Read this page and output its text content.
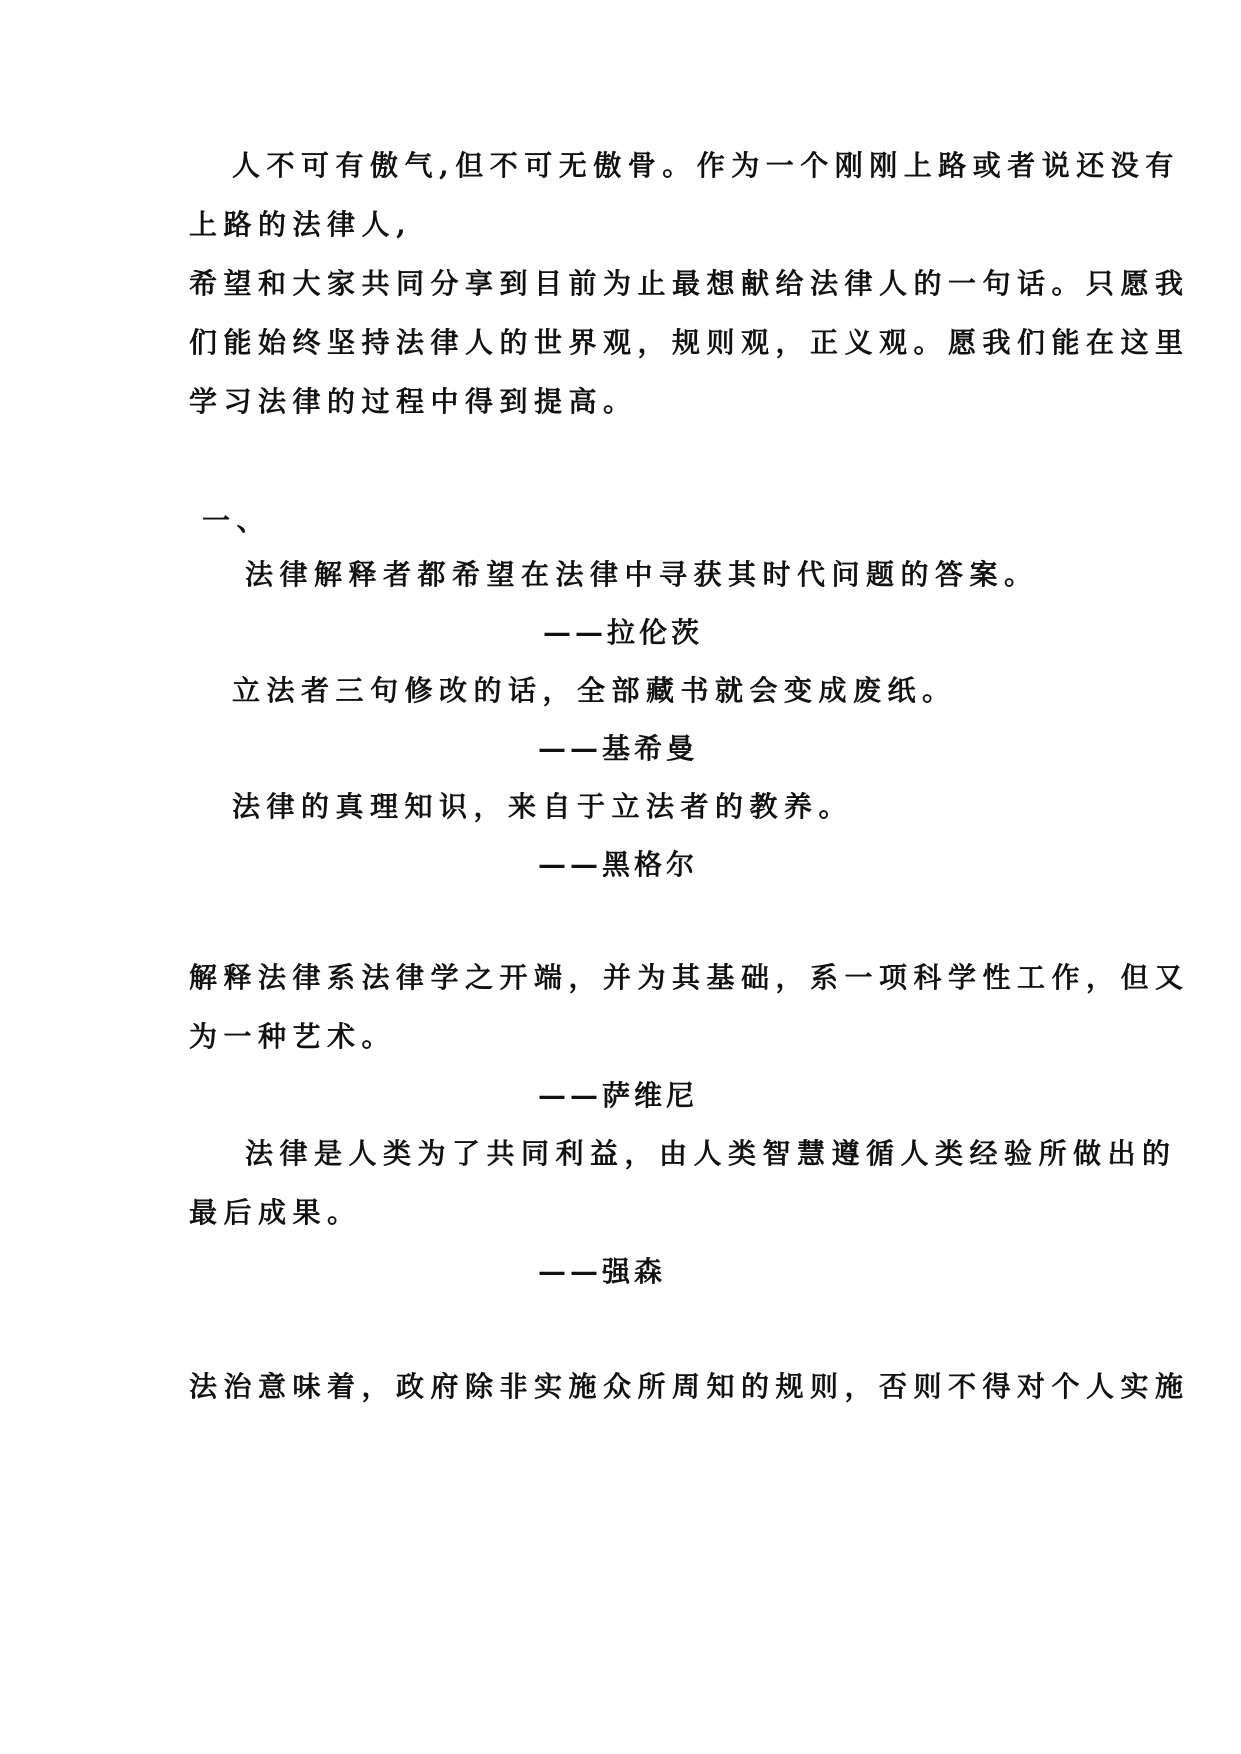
人不可有傲气,但不可无傲骨。作为一个刚刚上路或者说还没有
上路的法律人,
希望和大家共同分享到目前为止最想献给法律人的一句话。只愿我
们能始终坚持法律人的世界观，规则观，正义观。愿我们能在这里
学习法律的过程中得到提高。
一、
法律解释者都希望在法律中寻获其时代问题的答案。
——拉伦茨
立法者三句修改的话，全部藏书就会变成废纸。
——基希曼
法律的真理知识，来自于立法者的教养。
——黑格尔
解释法律系法律学之开端，并为其基础，系一项科学性工作，但又
为一种艺术。
——萨维尼
法律是人类为了共同利益，由人类智慧遵循人类经验所做出的
最后成果。
——强森
法治意味着，政府除非实施众所周知的规则，否则不得对个人实施
